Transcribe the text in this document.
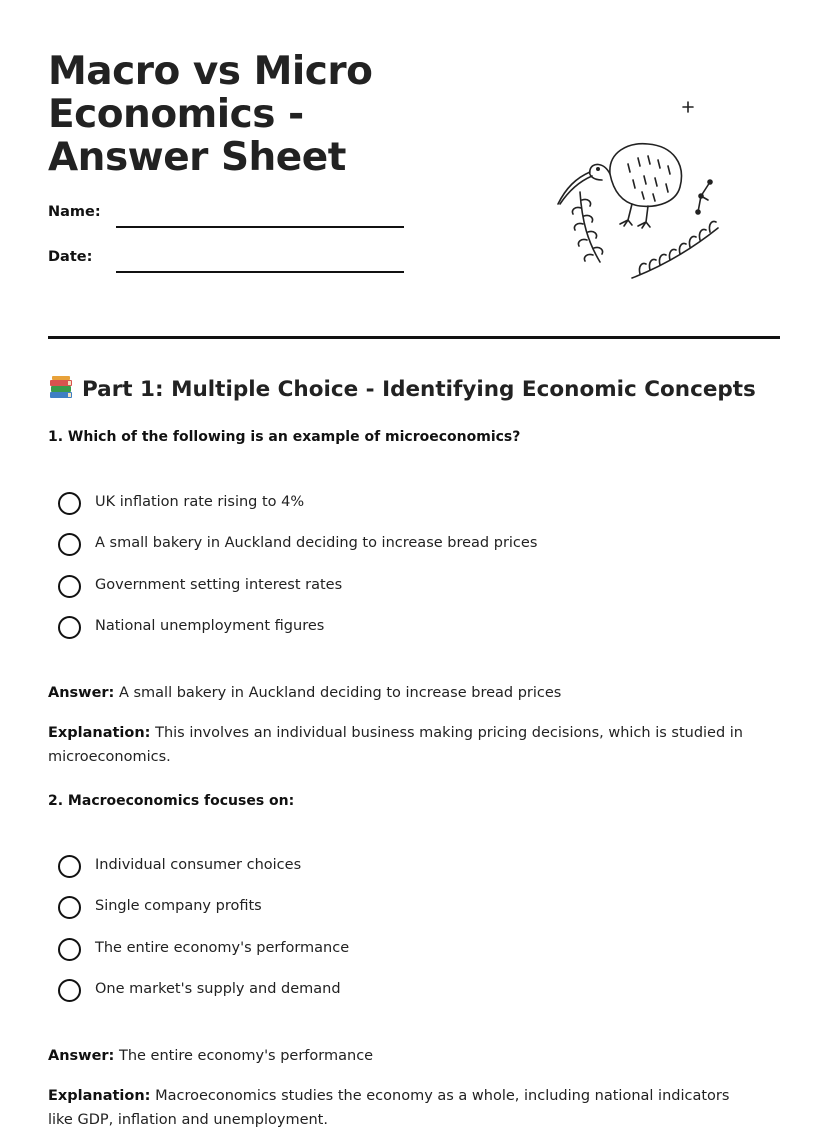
Macro vs Micro Economics - Answer Sheet
Name:
Date:
Part 1: Multiple Choice - Identifying Economic Concepts

1. Which of the following is an example of microeconomics?

UK inflation rate rising to 4%
A small bakery in Auckland deciding to increase bread prices
Government setting interest rates
National unemployment figures

Answer: A small bakery in Auckland deciding to increase bread prices

Explanation: This involves an individual business making pricing decisions, which is studied in microeconomics.

2. Macroeconomics focuses on:

Individual consumer choices
Single company profits
The entire economy's performance
One market's supply and demand

Answer: The entire economy's performance

Explanation: Macroeconomics studies the economy as a whole, including national indicators like GDP, inflation and unemployment.
